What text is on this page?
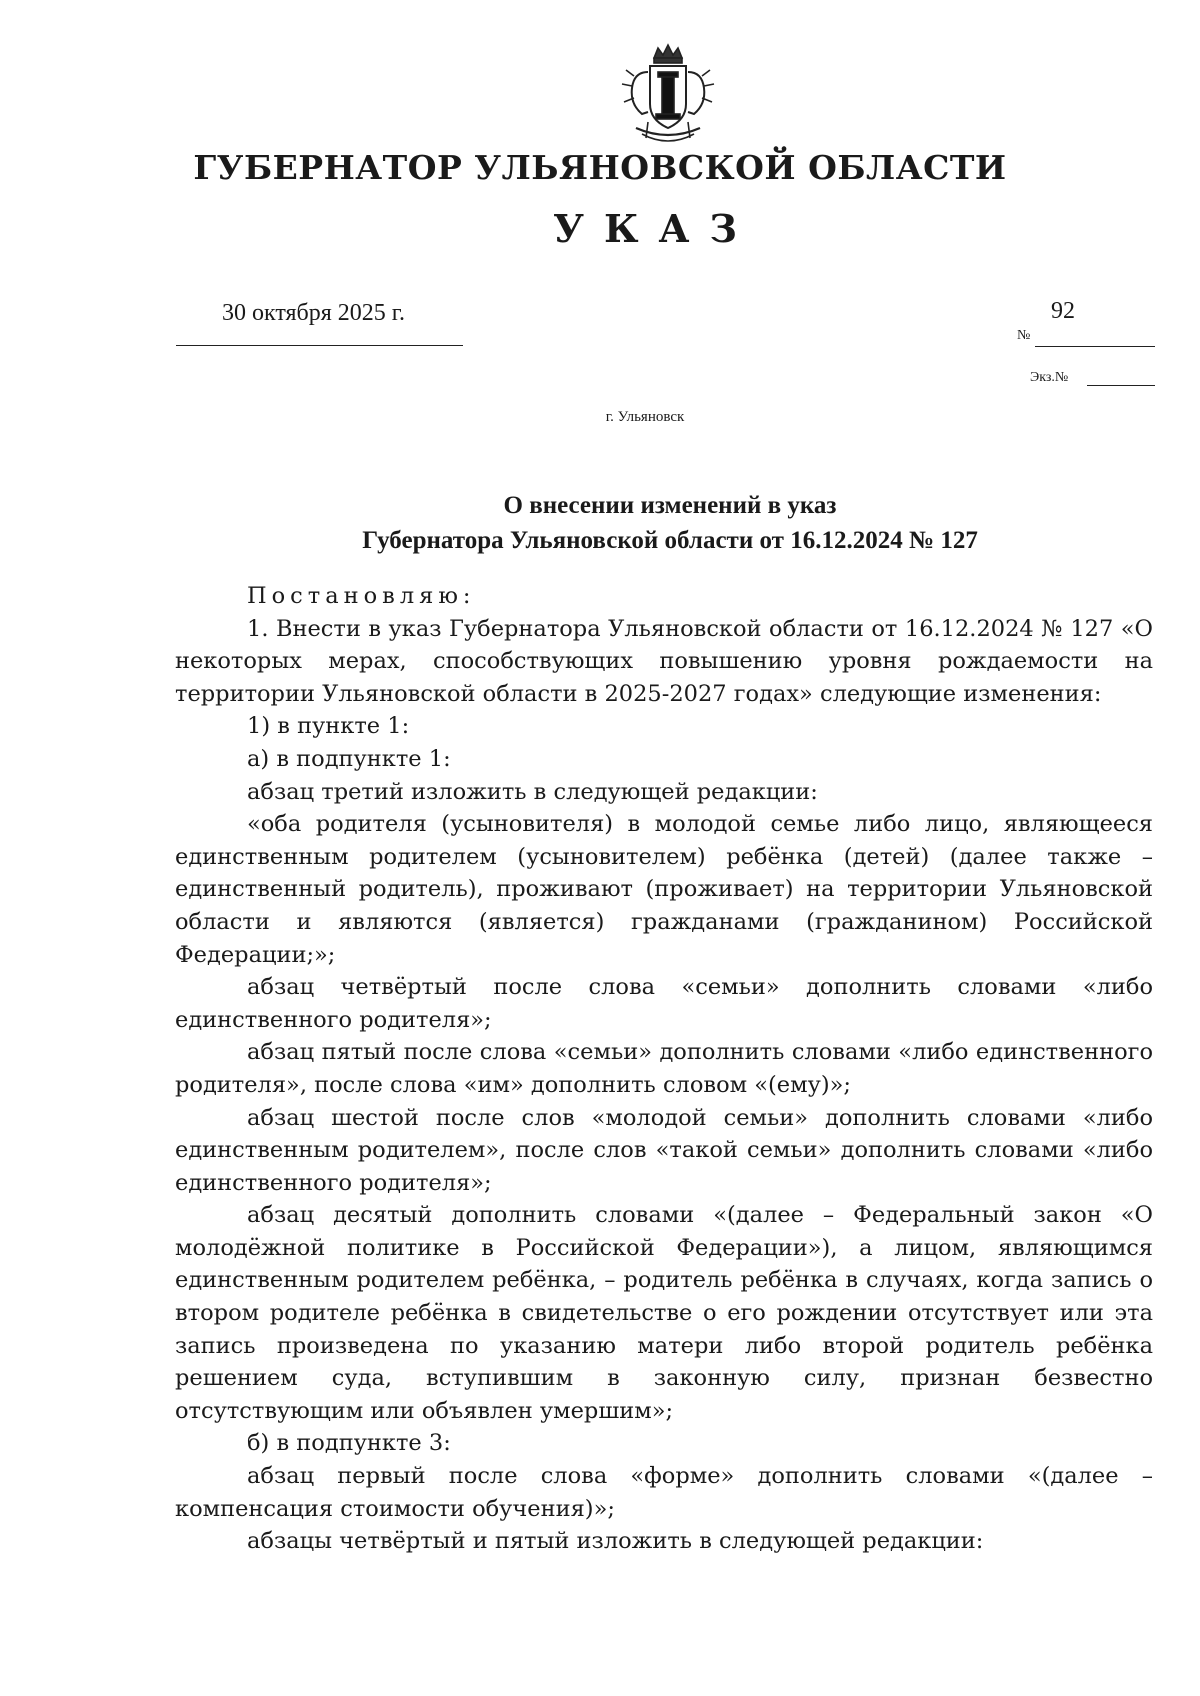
ГУБЕРНАТОР УЛЬЯНОВСКОЙ ОБЛАСТИ
УКАЗ
30 октября 2025 г.	92
№
Экз.№
г. Ульяновск
О внесении изменений в указ
Губернатора Ульяновской области от 16.12.2024 № 127

Постановляю:

1. Внести в указ Губернатора Ульяновской области от 16.12.2024 № 127 «О некоторых мерах, способствующих повышению уровня рождаемости на территории Ульяновской области в 2025-2027 годах» следующие изменения:

1) в пункте 1:

а) в подпункте 1:

абзац третий изложить в следующей редакции:

«оба родителя (усыновителя) в молодой семье либо лицо, являющееся единственным родителем (усыновителем) ребёнка (детей) (далее также – единственный родитель), проживают (проживает) на территории Ульяновской области и являются (является) гражданами (гражданином) Российской Федерации;»;

абзац четвёртый после слова «семьи» дополнить словами «либо единственного родителя»;

абзац пятый после слова «семьи» дополнить словами «либо единственного родителя», после слова «им» дополнить словом «(ему)»;

абзац шестой после слов «молодой семьи» дополнить словами «либо единственным родителем», после слов «такой семьи» дополнить словами «либо единственного родителя»;

абзац десятый дополнить словами «(далее – Федеральный закон «О молодёжной политике в Российской Федерации»), а лицом, являющимся единственным родителем ребёнка, – родитель ребёнка в случаях, когда запись о втором родителе ребёнка в свидетельстве о его рождении отсутствует или эта запись произведена по указанию матери либо второй родитель ребёнка решением суда, вступившим в законную силу, признан безвестно отсутствующим или объявлен умершим»;

б) в подпункте 3:

абзац первый после слова «форме» дополнить словами «(далее – компенсация стоимости обучения)»;

абзацы четвёртый и пятый изложить в следующей редакции:
